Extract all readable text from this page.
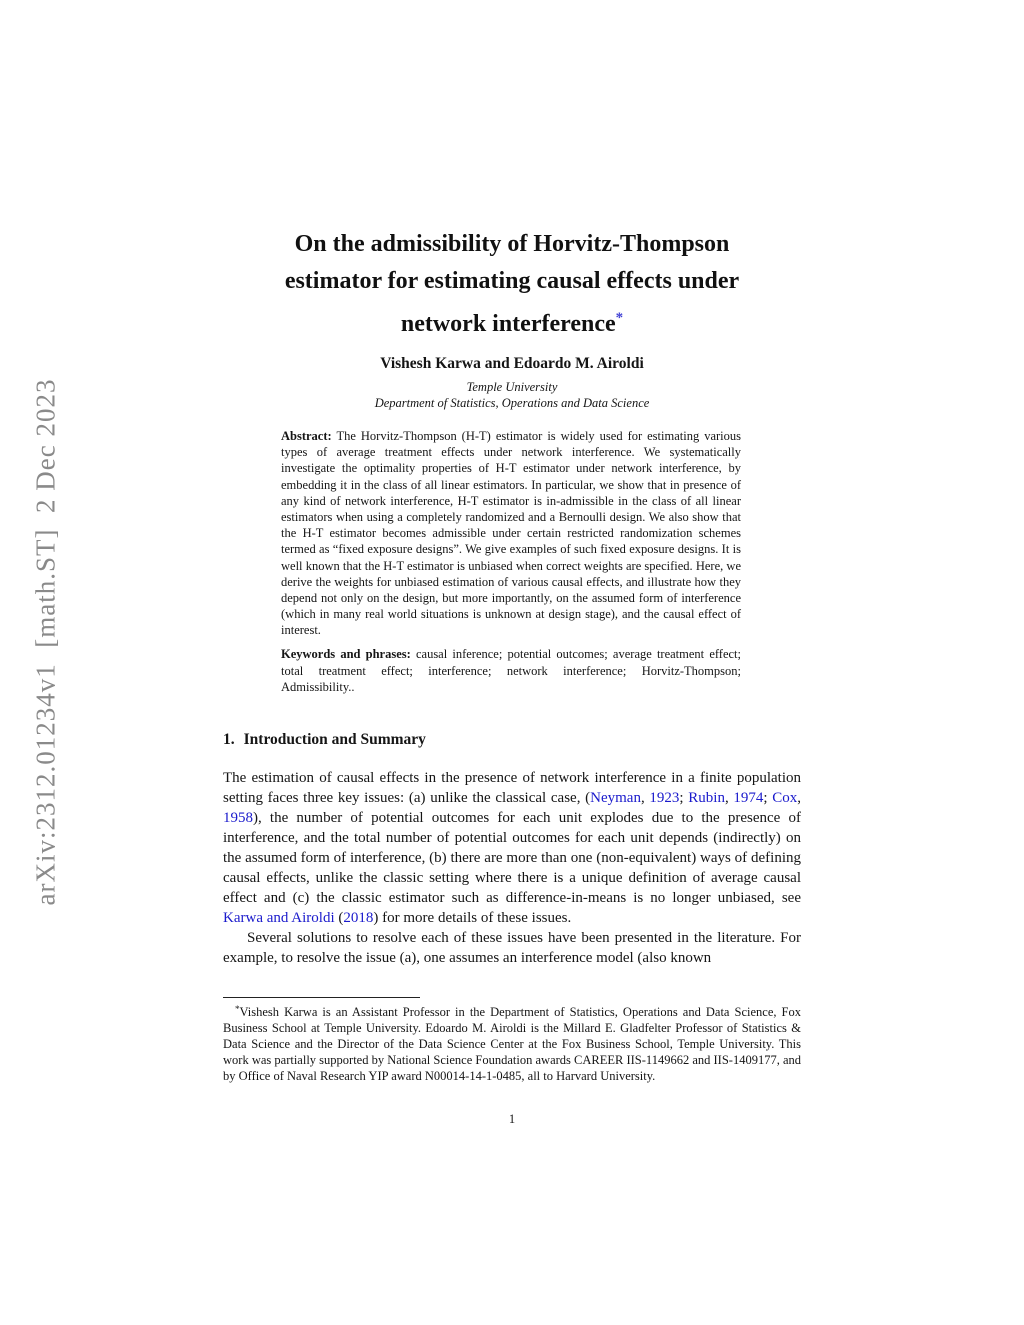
arXiv:2312.01234v1  [math.ST]  2 Dec 2023
On the admissibility of Horvitz-Thompson
estimator for estimating causal effects under
network interference*
Vishesh Karwa and Edoardo M. Airoldi
Temple University
Department of Statistics, Operations and Data Science
Abstract: The Horvitz-Thompson (H-T) estimator is widely used for estimating various types of average treatment effects under network interference. We systematically investigate the optimality properties of H-T estimator under network interference, by embedding it in the class of all linear estimators. In particular, we show that in presence of any kind of network interference, H-T estimator is in-admissible in the class of all linear estimators when using a completely randomized and a Bernoulli design. We also show that the H-T estimator becomes admissible under certain restricted randomization schemes termed as “fixed exposure designs”. We give examples of such fixed exposure designs. It is well known that the H-T estimator is unbiased when correct weights are specified. Here, we derive the weights for unbiased estimation of various causal effects, and illustrate how they depend not only on the design, but more importantly, on the assumed form of interference (which in many real world situations is unknown at design stage), and the causal effect of interest.
Keywords and phrases: causal inference; potential outcomes; average treatment effect; total treatment effect; interference; network interference; Horvitz-Thompson; Admissibility..
1. Introduction and Summary

The estimation of causal effects in the presence of network interference in a finite population setting faces three key issues: (a) unlike the classical case, (Neyman, 1923; Rubin, 1974; Cox, 1958), the number of potential outcomes for each unit explodes due to the presence of interference, and the total number of potential outcomes for each unit depends (indirectly) on the assumed form of interference, (b) there are more than one (non-equivalent) ways of defining causal effects, unlike the classic setting where there is a unique definition of average causal effect and (c) the classic estimator such as difference-in-means is no longer unbiased, see Karwa and Airoldi (2018) for more details of these issues.

Several solutions to resolve each of these issues have been presented in the literature. For example, to resolve the issue (a), one assumes an interference model (also known

*Vishesh Karwa is an Assistant Professor in the Department of Statistics, Operations and Data Science, Fox Business School at Temple University. Edoardo M. Airoldi is the Millard E. Gladfelter Professor of Statistics & Data Science and the Director of the Data Science Center at the Fox Business School, Temple University. This work was partially supported by National Science Foundation awards CAREER IIS-1149662 and IIS-1409177, and by Office of Naval Research YIP award N00014-14-1-0485, all to Harvard University.
1
